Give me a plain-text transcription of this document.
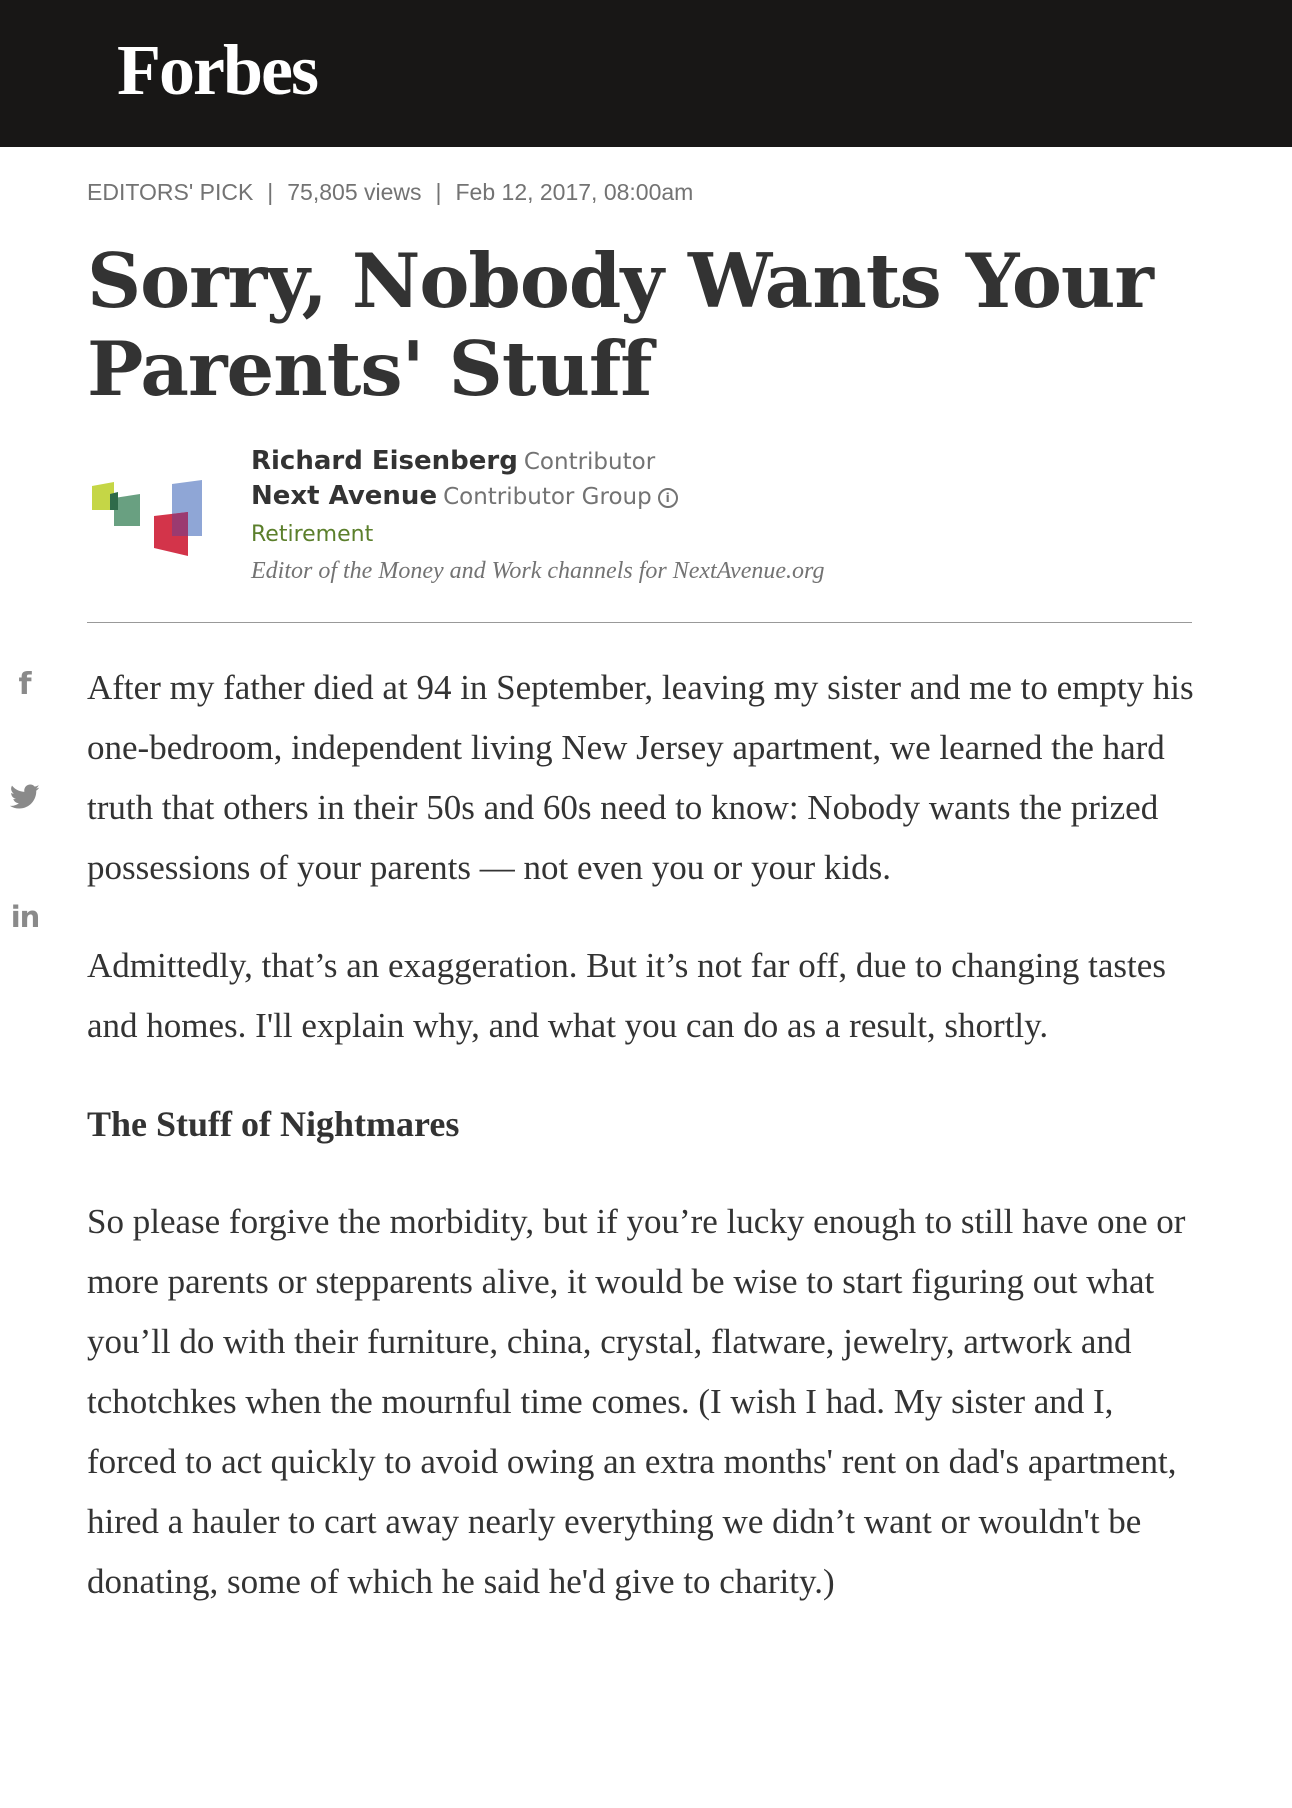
Forbes
EDITORS' PICK | 75,805 views | Feb 12, 2017, 08:00am
Sorry, Nobody Wants Your Parents' Stuff
Richard Eisenberg Contributor
Next Avenue Contributor Group i
Retirement
Editor of the Money and Work channels for NextAvenue.org
f
in

After my father died at 94 in September, leaving my sister and me to empty his one-bedroom, independent living New Jersey apartment, we learned the hard truth that others in their 50s and 60s need to know: Nobody wants the prized possessions of your parents — not even you or your kids.

Admittedly, that’s an exaggeration. But it’s not far off, due to changing tastes and homes. I'll explain why, and what you can do as a result, shortly.

The Stuff of Nightmares

So please forgive the morbidity, but if you’re lucky enough to still have one or more parents or stepparents alive, it would be wise to start figuring out what you’ll do with their furniture, china, crystal, flatware, jewelry, artwork and tchotchkes when the mournful time comes. (I wish I had. My sister and I, forced to act quickly to avoid owing an extra months' rent on dad's apartment, hired a hauler to cart away nearly everything we didn’t want or wouldn't be donating, some of which he said he'd give to charity.)
